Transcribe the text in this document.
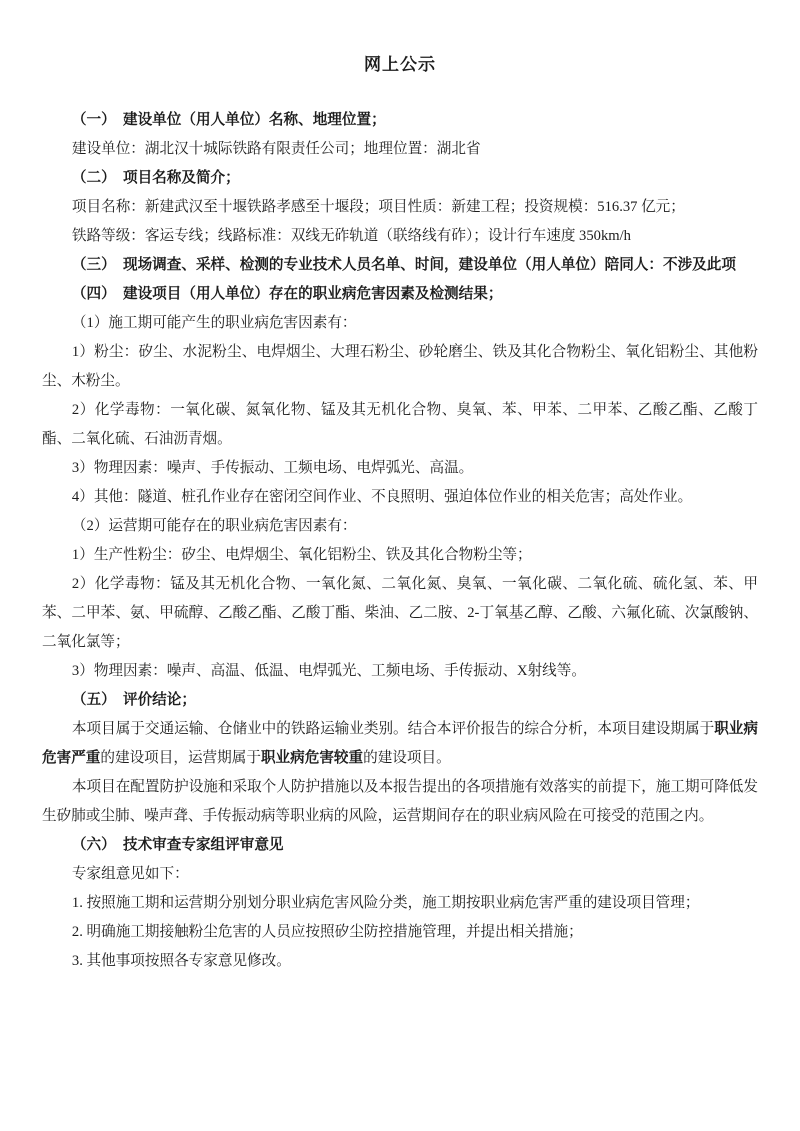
网上公示

（一）　建设单位（用人单位）名称、地理位置；

建设单位：湖北汉十城际铁路有限责任公司；地理位置：湖北省

（二）　项目名称及简介；

项目名称：新建武汉至十堰铁路孝感至十堰段；项目性质：新建工程；投资规模：516.37 亿元；

铁路等级：客运专线；线路标准：双线无砟轨道（联络线有砟）；设计行车速度 350km/h

（三）　现场调查、采样、检测的专业技术人员名单、时间，建设单位（用人单位）陪同人：不涉及此项

（四）　建设项目（用人单位）存在的职业病危害因素及检测结果；

（1）施工期可能产生的职业病危害因素有：

1）粉尘：矽尘、水泥粉尘、电焊烟尘、大理石粉尘、砂轮磨尘、铁及其化合物粉尘、氧化铝粉尘、其他粉尘、木粉尘。

2）化学毒物：一氧化碳、氮氧化物、锰及其无机化合物、臭氧、苯、甲苯、二甲苯、乙酸乙酯、乙酸丁酯、二氧化硫、石油沥青烟。

3）物理因素：噪声、手传振动、工频电场、电焊弧光、高温。

4）其他：隧道、桩孔作业存在密闭空间作业、不良照明、强迫体位作业的相关危害；高处作业。

（2）运营期可能存在的职业病危害因素有：

1）生产性粉尘：矽尘、电焊烟尘、氧化铝粉尘、铁及其化合物粉尘等；

2）化学毒物：锰及其无机化合物、一氧化氮、二氧化氮、臭氧、一氧化碳、二氧化硫、硫化氢、苯、甲苯、二甲苯、氨、甲硫醇、乙酸乙酯、乙酸丁酯、柴油、乙二胺、2-丁氧基乙醇、乙酸、六氟化硫、次氯酸钠、二氧化氯等；

3）物理因素：噪声、高温、低温、电焊弧光、工频电场、手传振动、X射线等。

（五）　评价结论；

本项目属于交通运输、仓储业中的铁路运输业类别。结合本评价报告的综合分析，本项目建设期属于职业病危害严重的建设项目，运营期属于职业病危害较重的建设项目。

本项目在配置防护设施和采取个人防护措施以及本报告提出的各项措施有效落实的前提下，施工期可降低发生矽肺或尘肺、噪声聋、手传振动病等职业病的风险，运营期间存在的职业病风险在可接受的范围之内。

（六）　技术审查专家组评审意见

专家组意见如下：

1. 按照施工期和运营期分别划分职业病危害风险分类，施工期按职业病危害严重的建设项目管理；

2. 明确施工期接触粉尘危害的人员应按照矽尘防控措施管理，并提出相关措施；

3. 其他事项按照各专家意见修改。
